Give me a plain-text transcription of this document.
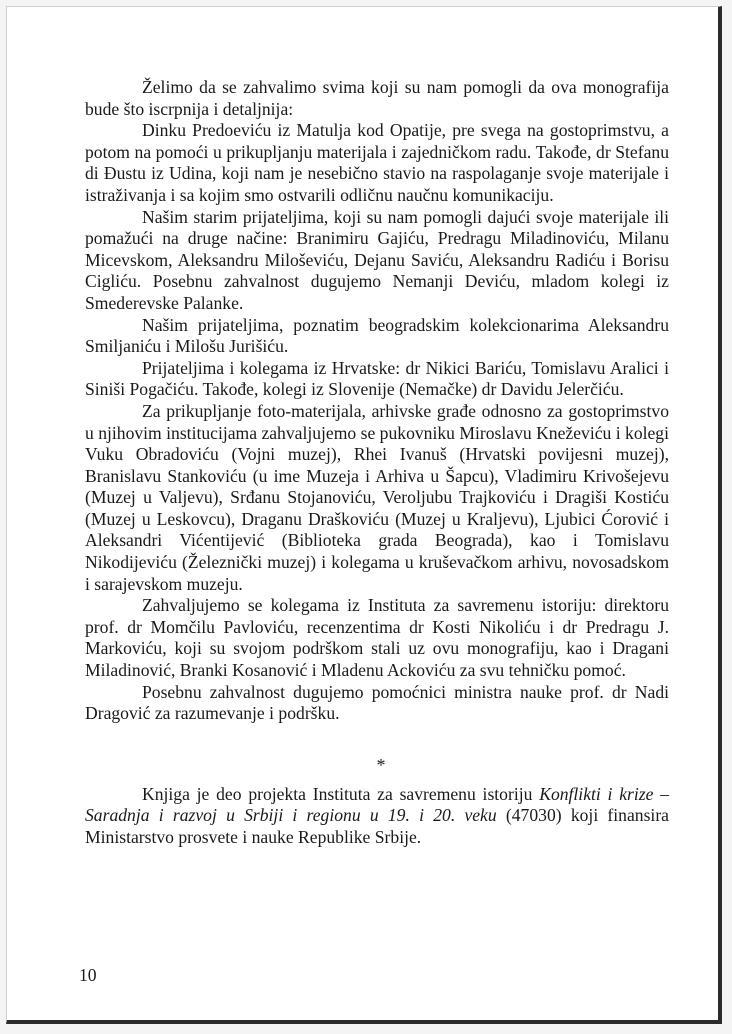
Želimo da se zahvalimo svima koji su nam pomogli da ova monografija bude što iscrpnija i detaljnija:

Dinku Predoeviću iz Matulja kod Opatije, pre svega na gostoprimstvu, a potom na pomoći u prikupljanju materijala i zajedničkom radu. Takođe, dr Stefanu di Đustu iz Udina, koji nam je nesebično stavio na raspolaganje svoje materijale i istraživanja i sa kojim smo ostvarili odličnu naučnu komunikaciju.

Našim starim prijateljima, koji su nam pomogli dajući svoje materijale ili pomažući na druge načine: Branimiru Gajiću, Predragu Miladinoviću, Milanu Micevskom, Aleksandru Miloševiću, Dejanu Saviću, Aleksandru Radiću i Borisu Cigliću. Posebnu zahvalnost dugujemo Nemanji Deviću, mladom kolegi iz Smederevske Palanke.

Našim prijateljima, poznatim beogradskim kolekcionarima Aleksandru Smiljaniću i Milošu Jurišiću.

Prijateljima i kolegama iz Hrvatske: dr Nikici Bariću, Tomislavu Aralici i Siniši Pogačiću. Takođe, kolegi iz Slovenije (Nemačke) dr Davidu Jelerčiću.

Za prikupljanje foto-materijala, arhivske građe odnosno za gostoprimstvo u njihovim institucijama zahvaljujemo se pukovniku Miroslavu Kneževiću i kolegi Vuku Obradoviću (Vojni muzej), Rhei Ivanuš (Hrvatski povijesni muzej), Branislavu Stankoviću (u ime Muzeja i Arhiva u Šapcu), Vladimiru Krivošejevu (Muzej u Valjevu), Srđanu Stojanoviću, Veroljubu Trajkoviću i Dragiši Kostiću (Muzej u Leskovcu), Draganu Draškoviću (Muzej u Kraljevu), Ljubici Ćorović i Aleksandri Vićentijević (Biblioteka grada Beograda), kao i Tomislavu Nikodijeviću (Železnički muzej) i kolegama u kruševačkom arhivu, novosadskom i sarajevskom muzeju.

Zahvaljujemo se kolegama iz Instituta za savremenu istoriju: direktoru prof. dr Momčilu Pavloviću, recenzentima dr Kosti Nikoliću i dr Predragu J. Markoviću, koji su svojom podrškom stali uz ovu monografiju, kao i Dragani Miladinović, Branki Kosanović i Mladenu Ackoviću za svu tehničku pomoć.

Posebnu zahvalnost dugujemo pomoćnici ministra nauke prof. dr Nadi Dragović za razumevanje i podršku.

*

Knjiga je deo projekta Instituta za savremenu istoriju Konflikti i krize – Saradnja i razvoj u Srbiji i regionu u 19. i 20. veku (47030) koji finansira Ministarstvo prosvete i nauke Republike Srbije.

10
